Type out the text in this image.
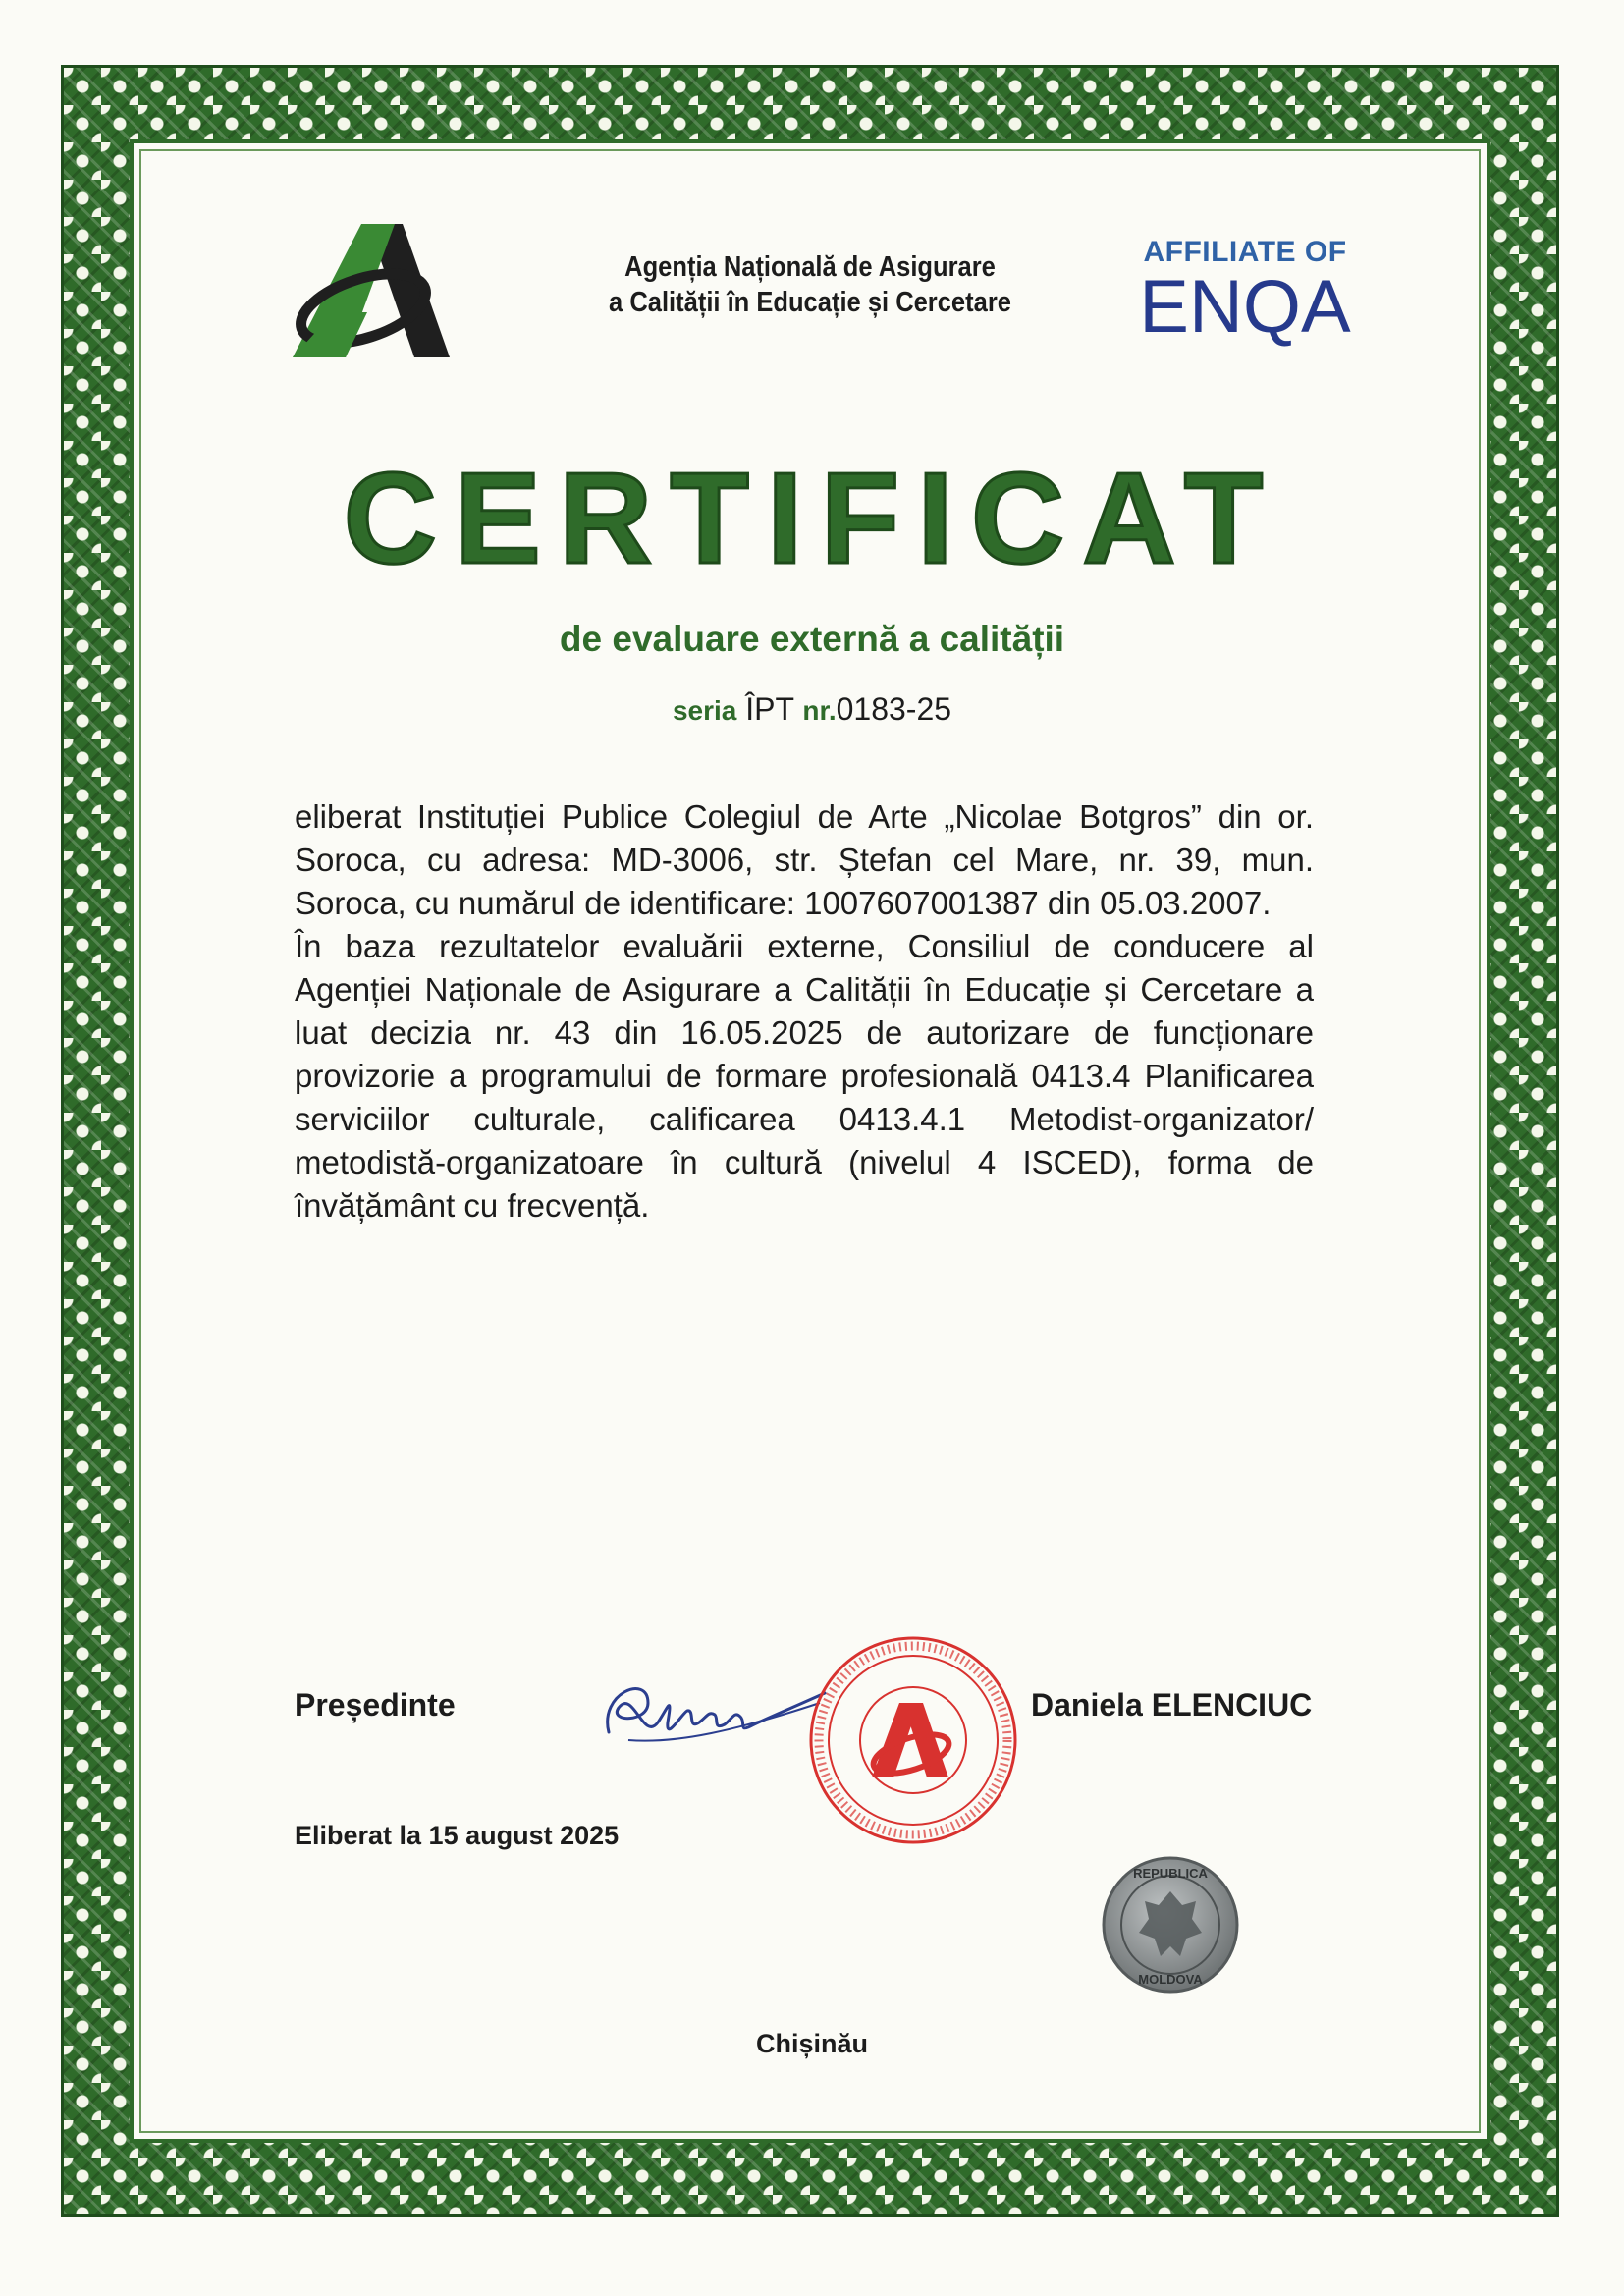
Agenția Națională de Asigurare
a Calității în Educație și Cercetare
AFFILIATE OF
ENQA
CERTIFICAT
de evaluare externă a calității
seria ÎPT nr.0183-25

eliberat Instituției Publice Colegiul de Arte „Nicolae Botgros” din or. Soroca, cu adresa: MD-3006, str. Ștefan cel Mare, nr. 39, mun. Soroca, cu numărul de identificare: 1007607001387 din 05.03.2007.

În baza rezultatelor evaluării externe, Consiliul de conducere al Agenției Naționale de Asigurare a Calității în Educație și Cercetare a luat decizia nr. 43 din 16.05.2025 de autorizare de funcționare provizorie a programului de formare profesională 0413.4 Planificarea serviciilor culturale, calificarea 0413.4.1 Metodist-organizator/ metodistă-organizatoare în cultură (nivelul 4 ISCED), forma de învățământ cu frecvență.

Președinte	Daniela ELENCIUC
Eliberat la 15 august 2025
REPUBLICA
MOLDOVA
Chișinău
